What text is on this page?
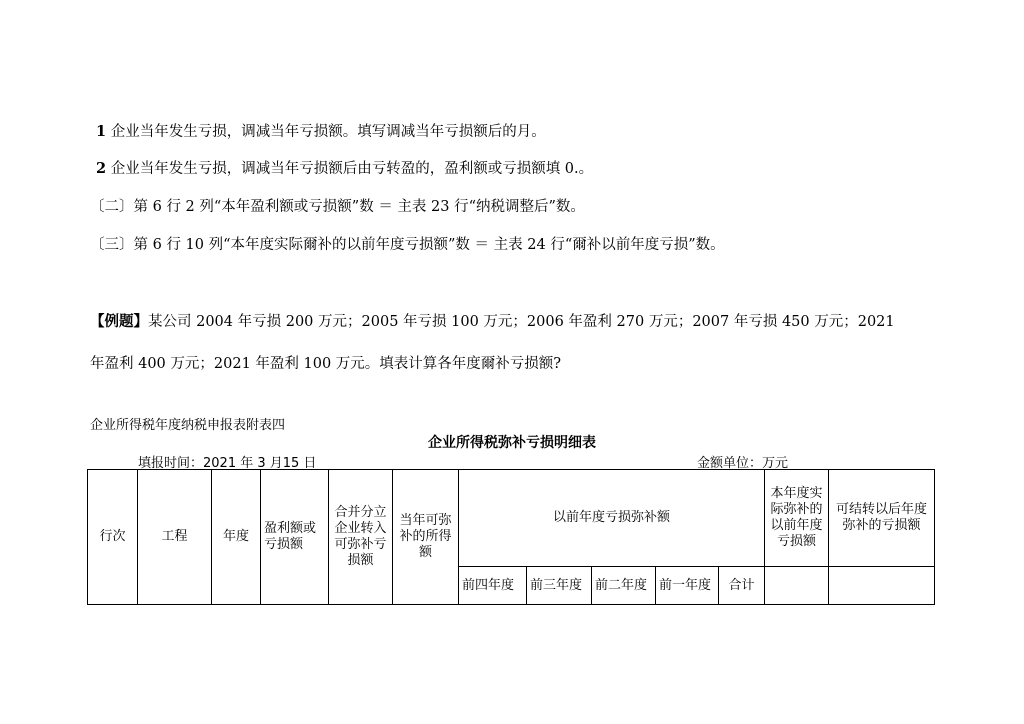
1 企业当年发生亏损，调减当年亏损额。填写调减当年亏损额后的月。
2 企业当年发生亏损，调减当年亏损额后由亏转盈的，盈利额或亏损额填 0.。
〔二〕第 6 行 2 列“本年盈利额或亏损额”数 ＝ 主表 23 行“纳税调整后”数。
〔三〕第 6 行 10 列“本年度实际爾补的以前年度亏损额”数 ＝ 主表 24 行“爾补以前年度亏损”数。
【例题】某公司 2004 年亏损 200 万元；2005 年亏损 100 万元；2006 年盈利 270 万元；2007 年亏损 450 万元；2021
年盈利 400 万元；2021 年盈利 100 万元。填表计算各年度爾补亏损额?
企业所得税年度纳税申报表附表四
企业所得税弥补亏损明细表
填报时间：2021 年 3 月15 日	金额单位：万元
行次	工程	年度	盈利额或亏损额	合并分立企业转入可弥补亏损额	当年可弥补的所得额	以前年度亏损弥补额					本年度实际弥补的以前年度亏损额	可结转以后年度弥补的亏损额
						前四年度	前三年度	前二年度	前一年度	合计		
